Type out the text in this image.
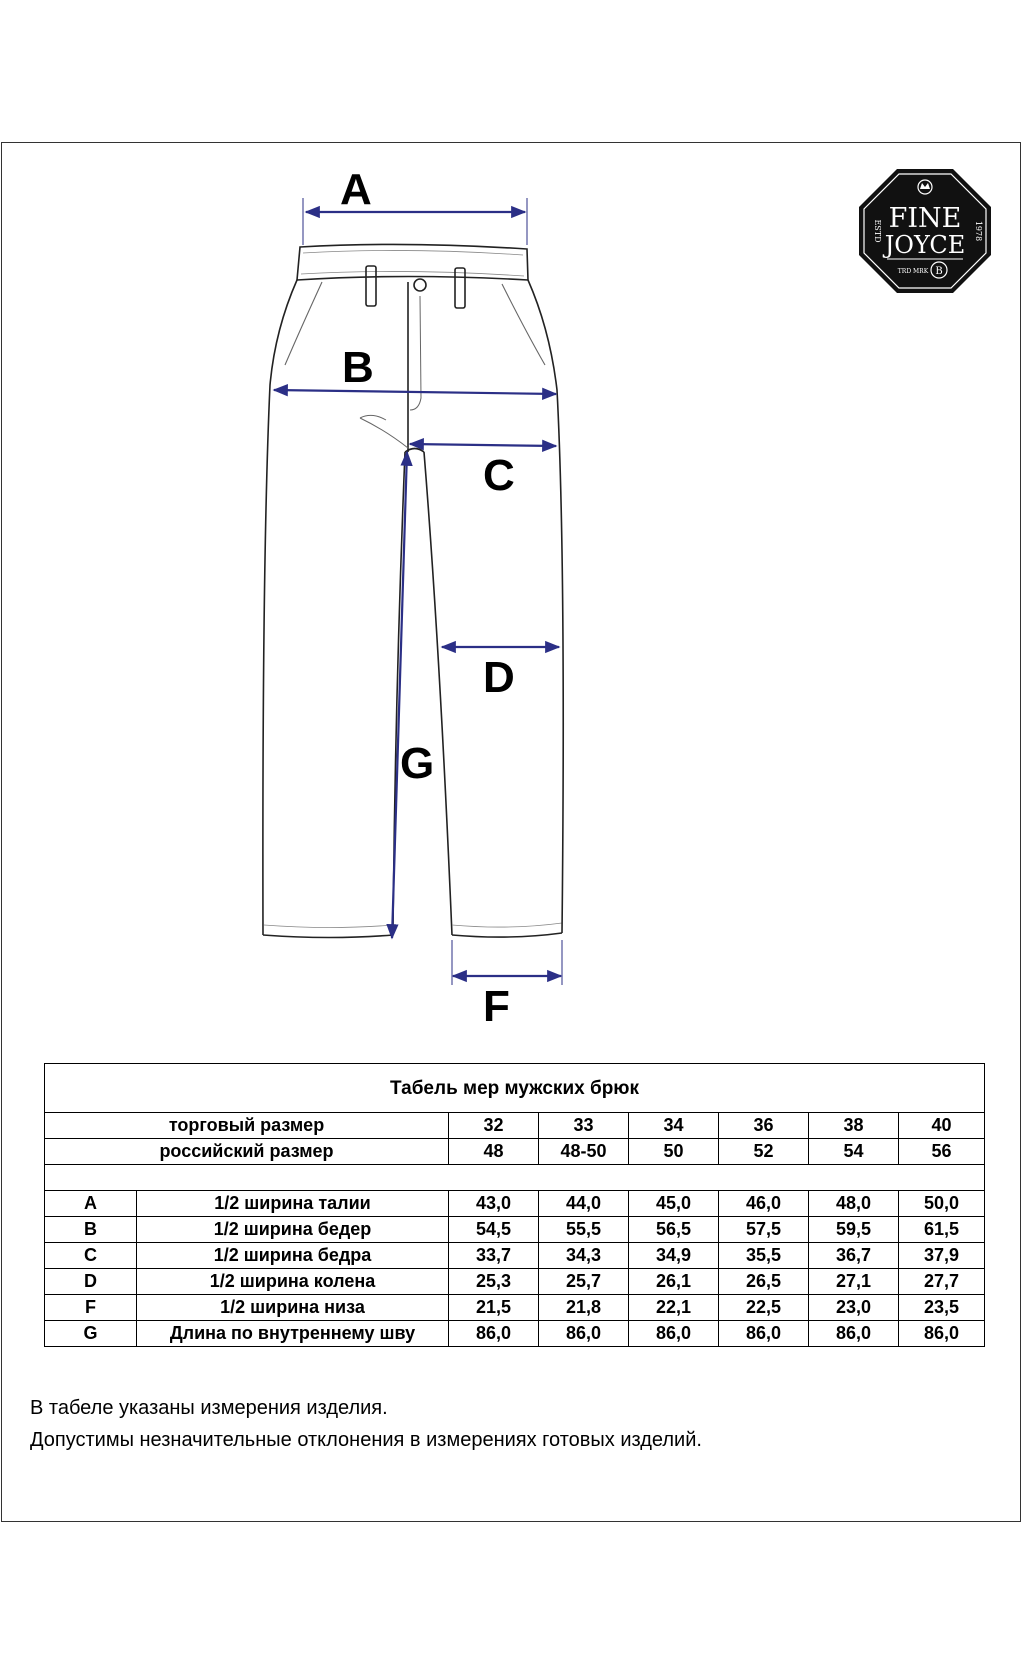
A
B
C
D
G
F
FINE
JOYCE
ESTD	1978
TRD MRK B
Табель мер мужских брюк							
торговый размер		32	33	34	36	38	40
российский размер		48	48-50	50	52	54	56

A	1/2 ширина талии	43,0	44,0	45,0	46,0	48,0	50,0
B	1/2 ширина бедер	54,5	55,5	56,5	57,5	59,5	61,5
C	1/2 ширина бедра	33,7	34,3	34,9	35,5	36,7	37,9
D	1/2 ширина колена	25,3	25,7	26,1	26,5	27,1	27,7
F	1/2 ширина низа	21,5	21,8	22,1	22,5	23,0	23,5
G	Длина по внутреннему шву	86,0	86,0	86,0	86,0	86,0	86,0
В табеле указаны измерения изделия.
Допустимы незначительные отклонения в измерениях готовых изделий.
